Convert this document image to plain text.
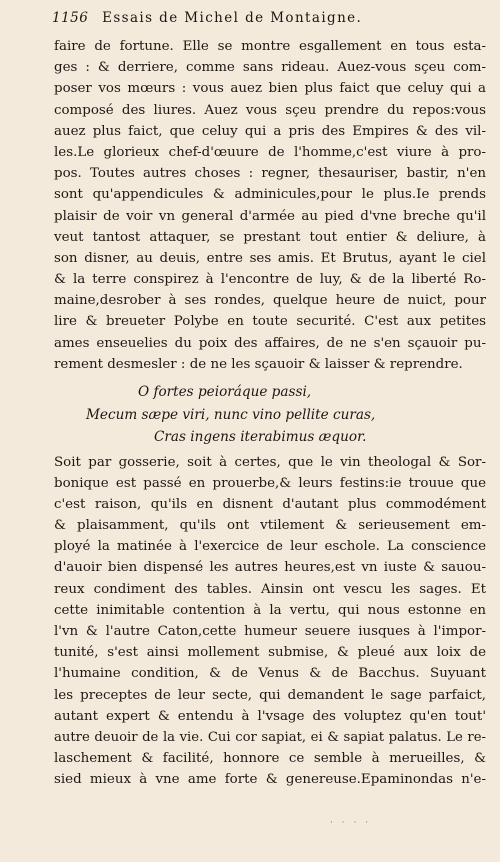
1156 Essais de Michel de Montaigne.
faire de fortune. Elle se montre esgallement en tous esta-
ges : & derriere, comme sans rideau. Auez-vous sçeu com-
poser vos mœurs : vous auez bien plus faict que celuy qui a
composé des liures. Auez vous sçeu prendre du repos:vous
auez plus faict, que celuy qui a pris des Empires & des vil-
les.Le glorieux chef-d'œuure de l'homme,c'est viure à pro-
pos. Toutes autres choses : regner, thesauriser, bastir, n'en
sont qu'appendicules & adminicules,pour le plus.Ie prends
plaisir de voir vn general d'armée au pied d'vne breche qu'il
veut tantost attaquer, se prestant tout entier & deliure, à
son disner, au deuis, entre ses amis. Et Brutus, ayant le ciel
& la terre conspirez à l'encontre de luy, & de la liberté Ro-
maine,desrober à ses rondes, quelque heure de nuict, pour
lire & breueter Polybe en toute securité. C'est aux petites
ames enseuelies du poix des affaires, de ne s'en sçauoir pu-
rement desmesler : de ne les sçauoir & laisser & reprendre.
O fortes peioráque passi,
Mecum sæpe viri, nunc vino pellite curas,
Cras ingens iterabimus æquor.
Soit par gosserie, soit à certes, que le vin theologal & Sor-
bonique est passé en prouerbe,& leurs festins:ie trouue que
c'est raison, qu'ils en disnent d'autant plus commodément
& plaisamment, qu'ils ont vtilement & serieusement em-
ployé la matinée à l'exercice de leur eschole. La conscience
d'auoir bien dispensé les autres heures,est vn iuste & sauou-
reux condiment des tables. Ainsin ont vescu les sages. Et
cette inimitable contention à la vertu, qui nous estonne en
l'vn & l'autre Caton,cette humeur seuere iusques à l'impor-
tunité, s'est ainsi mollement submise, & pleué aux loix de
l'humaine condition, & de Venus & de Bacchus. Suyuant
les preceptes de leur secte, qui demandent le sage parfaict,
autant expert & entendu à l'vsage des voluptez qu'en tout'
autre deuoir de la vie. Cui cor sapiat, ei & sapiat palatus. Le re-
laschement & facilité, honnore ce semble à merueilles, &
sied mieux à vne ame forte & genereuse.Epaminondas n'e-
· · · ·
